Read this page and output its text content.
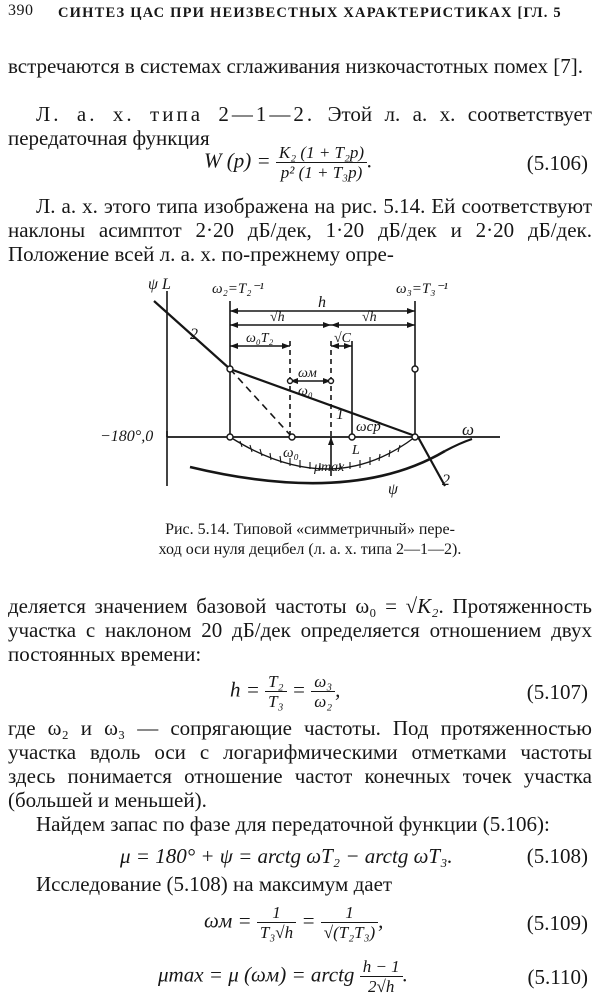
390 СИНТЕЗ ЦАС ПРИ НЕИЗВЕСТНЫХ ХАРАКТЕРИСТИКАХ [ГЛ. 5
встречаются в системах сглаживания низкочастотных помех [7].
Л. а. х. типа 2—1—2. Этой л. а. х. соответствует передаточная функция
W $(p) = \frac{\text{K₂ (1 + T₂p)}}{\text{p² (1 + T₃p)}}$ .	(5.106)
Л. а. х. этого типа изображена на рис. 5.14. Ей соответствуют наклоны асимптот 2·20 дБ/дек, 1·20 дБ/дек и 2·20 дБ/дек. Положение всей л. а. х. по-прежнему опре-
ψ L	ω₂=T₂⁻¹	ω₃=T₃⁻¹
h
√h	√h
ω₀T₂	√C
ωм
ω₀
−180°,0
ω₀
ωср	ω
L
μmax
ψ
2
1
2
Рис. 5.14. Типовой «симметричный» пере-
ход оси нуля децибел (л. а. х. типа 2—1—2).
деляется значением базовой частоты ω₀ = √K₂. Протяженность участка с наклоном 20 дБ/дек определяется отношением двух постоянных времени:
$h = \frac{\text{T₂}}{\text{T₃}} = \frac{\text{ω₃}}{\text{ω₂}}$ ,	(5.107)
где ω₂ и ω₃ — сопрягающие частоты. Под протяженностью участка вдоль оси с логарифмическими отметками частоты здесь понимается отношение частот конечных точек участка (большей и меньшей).
Найдем запас по фазе для передаточной функции (5.106):
μ = 180° + ψ = arctg ωT₂ − arctg ωT₃.	(5.108)
Исследование (5.108) на максимум дает
$\omega м = \frac{1}{\text{T₃√h}} = \frac{1}{\text{√(T₂T₃)}}$ ,	(5.109)
μmax = μ (ωм) = arctg $\frac{h - 1}{2√h}$ .	(5.110)
